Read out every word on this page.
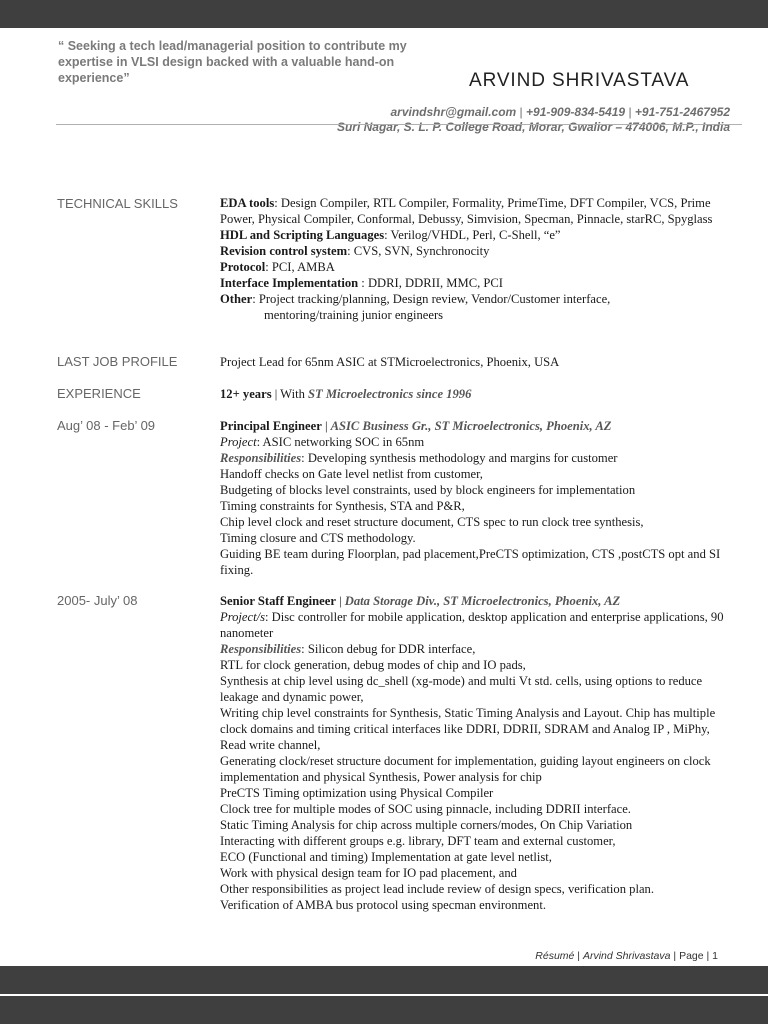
“ Seeking a tech lead/managerial position to contribute my expertise in VLSI design backed with a valuable hand-on experience”	ARVIND SHRIVASTAVA
arvindshr@gmail.com | +91-909-834-5419 | +91-751-2467952
Suri Nagar, S. L. P. College Road, Morar, Gwalior – 474006, M.P., India
TECHNICAL SKILLS	EDA tools: Design Compiler, RTL Compiler, Formality, PrimeTime, DFT Compiler, VCS, Prime Power, Physical Compiler, Conformal, Debussy, Simvision, Specman, Pinnacle, starRC, Spyglass

HDL and Scripting Languages: Verilog/VHDL, Perl, C-Shell, “e”

Revision control system: CVS, SVN, Synchronocity

Protocol: PCI, AMBA

Interface Implementation : DDRI, DDRII, MMC, PCI

Other: Project tracking/planning, Design review, Vendor/Customer interface,

mentoring/training junior engineers

LAST JOB PROFILE	Project Lead for 65nm ASIC at STMicroelectronics, Phoenix, USA
EXPERIENCE	12+ years | With ST Microelectronics since 1996
Aug’ 08 - Feb’ 09	Principal Engineer | ASIC Business Gr., ST Microelectronics, Phoenix, AZ

Project: ASIC networking SOC in 65nm

Responsibilities: Developing synthesis methodology and margins for customer

Handoff checks on Gate level netlist from customer,

Budgeting of blocks level constraints, used by block engineers for implementation

Timing constraints for Synthesis, STA and P&R,

Chip level clock and reset structure document, CTS spec to run clock tree synthesis,

Timing closure and CTS methodology.

Guiding BE team during Floorplan, pad placement,PreCTS optimization, CTS ,postCTS opt and SI fixing.

2005- July’ 08	Senior Staff Engineer | Data Storage Div., ST Microelectronics, Phoenix, AZ

Project/s: Disc controller for mobile application, desktop application and enterprise applications, 90 nanometer

Responsibilities: Silicon debug for DDR interface,

RTL for clock generation, debug modes of chip and IO pads,

Synthesis at chip level using dc_shell (xg-mode) and multi Vt std. cells, using options to reduce leakage and dynamic power,

Writing chip level constraints for Synthesis, Static Timing Analysis and Layout. Chip has multiple clock domains and timing critical interfaces like DDRI, DDRII, SDRAM and Analog IP , MiPhy, Read write channel,

Generating clock/reset structure document for implementation, guiding layout engineers on clock implementation and physical Synthesis, Power analysis for chip

PreCTS Timing optimization using Physical Compiler

Clock tree for multiple modes of SOC using pinnacle, including DDRII interface.

Static Timing Analysis for chip across multiple corners/modes, On Chip Variation

Interacting with different groups e.g. library, DFT team and external customer,

ECO (Functional and timing) Implementation at gate level netlist,

Work with physical design team for IO pad placement, and

Other responsibilities as project lead include review of design specs, verification plan.

Verification of AMBA bus protocol using specman environment.

Résumé | Arvind Shrivastava | Page | 1
